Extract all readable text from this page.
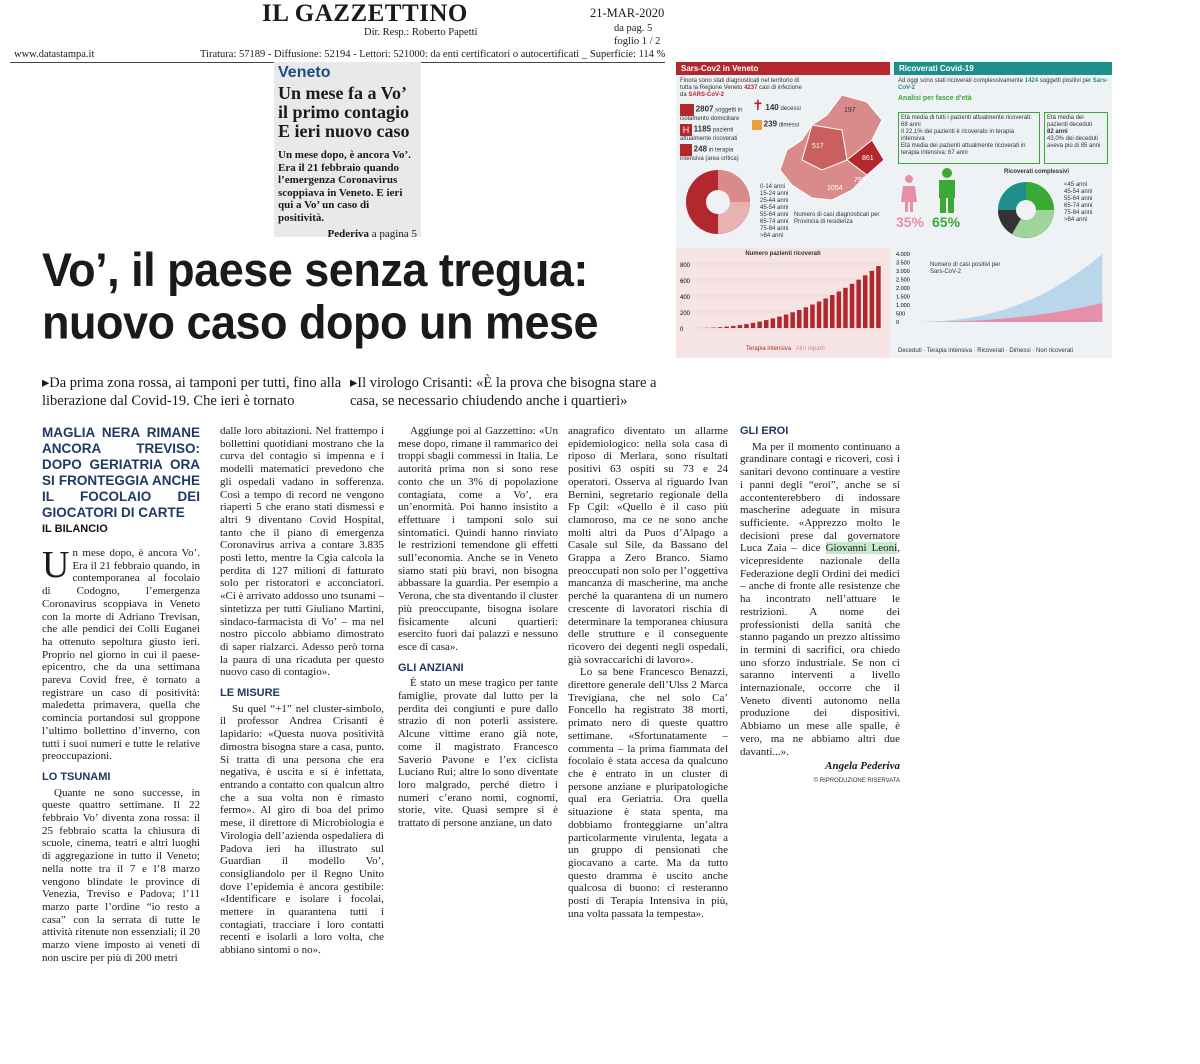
IL GAZZETTINO	21-MAR-2020
da pag. 5
foglio 1 / 2
Dir. Resp.: Roberto Papetti
www.datastampa.it	Tiratura: 57189 - Diffusione: 52194 - Lettori: 521000: da enti certificatori o autocertificati _ Superficie: 114 %
Veneto
Un mese fa a Vo’ il primo contagio E ieri nuovo caso
Un mese dopo, è ancora Vo’. Era il 21 febbraio quando l’emergenza Coronavirus scoppiava in Veneto. E ieri qui a Vo’ un caso di positività.
Pederiva a pagina 5
Vo’, il paese senza tregua: nuovo caso dopo un mese
▸Da prima zona rossa, ai tamponi per tutti, fino alla liberazione dal Covid-19. Che ieri è tornato
▸Il virologo Crisanti: «È la prova che bisogna stare a casa, se necessario chiudendo anche i quartieri»
Sars-Cov2 in Veneto
Finora sono stati diagnosticati nel territorio di tutta la Regione Veneto 4237 casi di infezione da SARS-CoV-2
2807 soggetti in isolamento domiciliare
H 1185 pazienti attualmente ricoverati
248 in terapia intensiva (area critica)
✝ 140 decessi
239 dimessi
197
517
793
1054
861
Numero di casi diagnosticati per Provincia di residenza
0-14 anni
15-24 anni
25-44 anni
45-54 anni
55-64 anni
65-74 anni
75-84 anni
>84 anni
Numero pazienti ricoverati
800
600
400
200
0
Terapia intensiva Altri reparti
Ricoverati Covid-19
Ad oggi sono stati ricoverati complessivamente 1424 soggetti positivi per Sars-CoV-2
Analisi per fasce d'età
Età media di tutti i pazienti attualmente ricoverati: 68 anni
Il 22,1% dei pazienti è ricoverato in terapia intensiva
Età media dei pazienti attualmente ricoverati in terapia intensiva: 67 anni
Età media dei pazienti deceduti
82 anni
43,0% dei deceduti aveva più di 85 anni
35% 65%
Ricoverati complessivi
<45 anni
45-54 anni
55-64 anni
65-74 anni
75-84 anni
>84 anni
Numero di casi positivi per Sars-CoV-2
4.000
3.500
3.000
2.500
2.000
1.500
1.000
500
0
Deceduti · Terapia intensiva · Ricoverati · Dimessi · Non ricoverati
MAGLIA NERA RIMANE ANCORA TREVISO: DOPO GERIATRIA ORA SI FRONTEGGIA ANCHE IL FOCOLAIO DEI GIOCATORI DI CARTE
IL BILANCIO
Un mese dopo, è ancora Vo’. Era il 21 febbraio quando, in contemporanea al focolaio di Codogno, l’emergenza Coronavirus scoppiava in Veneto con la morte di Adriano Trevisan, che alle pendici dei Colli Euganei ha ottenuto sepoltura giusto ieri. Proprio nel giorno in cui il paese-epicentro, che da una settimana pareva Covid free, è tornato a registrare un caso di positività: maledetta primavera, quella che comincia portandosi sul groppone l’ultimo bollettino d’inverno, con tutti i suoi numeri e tutte le relative preoccupazioni.
LO TSUNAMI
Quante ne sono successe, in queste quattro settimane. Il 22 febbraio Vo’ diventa zona rossa: il 25 febbraio scatta la chiusura di scuole, cinema, teatri e altri luoghi di aggregazione in tutto il Veneto; nella notte tra il 7 e l’8 marzo vengono blindate le province di Venezia, Treviso e Padova; l’11 marzo parte l’ordine “io resto a casa” con la serrata di tutte le attività ritenute non essenziali; il 20 marzo viene imposto ai veneti di non uscire per più di 200 metri
dalle loro abitazioni. Nel frattempo i bollettini quotidiani mostrano che la curva del contagio si impenna e i modelli matematici prevedono che gli ospedali vadano in sofferenza. Così a tempo di record ne vengono riaperti 5 che erano stati dismessi e altri 9 diventano Covid Hospital, tanto che il piano di emergenza Coronavirus arriva a contare 3.835 posti letto, mentre la Cgia calcola la perdita di 127 milioni di fatturato solo per ristoratori e acconciatori. «Ci è arrivato addosso uno tsunami – sintetizza per tutti Giuliano Martini, sindaco-farmacista di Vo’ – ma nel nostro piccolo abbiamo dimostrato di saper rialzarci. Adesso però torna la paura di una ricaduta per questo nuovo caso di contagio».
LE MISURE
Su quel “+1” nel cluster-simbolo, il professor Andrea Crisanti è lapidario: «Questa nuova positività dimostra bisogna stare a casa, punto. Si tratta di una persona che era negativa, è uscita e si è infettata, entrando a contatto con qualcun altro che a sua volta non è rimasto fermo». Al giro di boa del primo mese, il direttore di Microbiologia e Virologia dell’azienda ospedaliera di Padova ieri ha illustrato sul Guardian il modello Vo’, consigliandolo per il Regno Unito dove l’epidemia è ancora gestibile: «Identificare e isolare i focolai, mettere in quarantena tutti i contagiati, tracciare i loro contatti recenti e isolarli a loro volta, che abbiano sintomi o no».
Aggiunge poi al Gazzettino: «Un mese dopo, rimane il rammarico dei troppi sbagli commessi in Italia. Le autorità prima non si sono rese conto che un 3% di popolazione contagiata, come a Vo’, era un’enormità. Poi hanno insistito a effettuare i tamponi solo sui sintomatici. Quindi hanno rinviato le restrizioni temendone gli effetti sull’economia. Anche se in Veneto siamo stati più bravi, non bisogna abbassare la guardia. Per esempio a Verona, che sta diventando il cluster più preoccupante, bisogna isolare fisicamente alcuni quartieri: esercito fuori dai palazzi e nessuno esce di casa».
GLI ANZIANI
È stato un mese tragico per tante famiglie, provate dal lutto per la perdita dei congiunti e pure dallo strazio di non poterli assistere. Alcune vittime erano già note, come il magistrato Francesco Saverio Pavone e l’ex ciclista Luciano Rui; altre lo sono diventate loro malgrado, perché dietro i numeri c’erano nomi, cognomi, storie, vite. Quasi sempre si è trattato di persone anziane, un dato
anagrafico diventato un allarme epidemiologico: nella sola casa di riposo di Merlara, sono risultati positivi 63 ospiti su 73 e 24 operatori. Osserva al riguardo Ivan Bernini, segretario regionale della Fp Cgil: «Quello è il caso più clamoroso, ma ce ne sono anche molti altri da Puos d’Alpago a Casale sul Sile, da Bassano del Grappa a Zero Branco. Siamo preoccupati non solo per l’oggettiva mancanza di mascherine, ma anche perché la quarantena di un numero crescente di lavoratori rischia di determinare la temporanea chiusura delle strutture e il conseguente ricovero dei degenti negli ospedali, già sovraccarichi di lavoro».
Lo sa bene Francesco Benazzi, direttore generale dell’Ulss 2 Marca Trevigiana, che nel solo Ca’ Foncello ha registrato 38 morti, primato nero di queste quattro settimane. «Sfortunatamente – commenta – la prima fiammata del focolaio è stata accesa da qualcuno che è entrato in un cluster di persone anziane e pluripatologiche qual era Geriatria. Ora quella situazione è stata spenta, ma dobbiamo fronteggiarne un’altra particolarmente virulenta, legata a un gruppo di pensionati che giocavano a carte. Ma da tutto questo dramma è uscito anche qualcosa di buono: ci resteranno posti di Terapia Intensiva in più, una volta passata la tempesta».
GLI EROI
Ma per il momento continuano a grandinare contagi e ricoveri, così i sanitari devono continuare a vestire i panni degli “eroi”, anche se si accontenterebbero di indossare mascherine adeguate in misura sufficiente. «Apprezzo molto le decisioni prese dal governatore Luca Zaia – dice Giovanni Leoni, vicepresidente nazionale della Federazione degli Ordini dei medici – anche di fronte alle resistenze che ha incontrato nell’attuare le restrizioni. A nome dei professionisti della sanità che stanno pagando un prezzo altissimo in termini di sacrifici, ora chiedo uno sforzo industriale. Se non ci saranno interventi a livello internazionale, occorre che il Veneto diventi autonomo nella produzione dei dispositivi. Abbiamo un mese alle spalle, è vero, ma ne abbiamo altri due davanti...».
Angela Pederiva
© RIPRODUZIONE RISERVATA
